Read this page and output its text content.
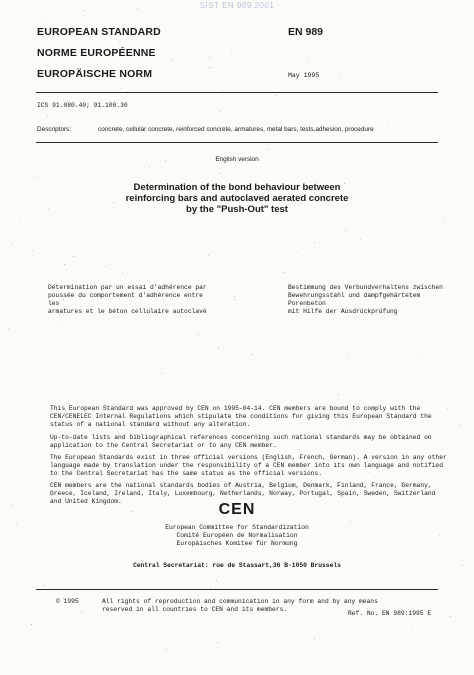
SIST EN 989:2001
EUROPEAN STANDARD
NORME EUROPÉENNE
EUROPÄISCHE NORM
EN 989
May 1995
ICS 91.080.40; 91.100.30
Descriptors:	concrete, cellular concrete, reinforced concrete, armatures, metal bars, tests,adhesion, procedure
English version
Determination of the bond behaviour between
reinforcing bars and autoclaved aerated concrete
by the "Push-Out" test
Détermination par un essai d'adhérence par
poussée du comportement d'adhérence entre les
armatures et le béton cellulaire autoclavé
Bestimmung des Verbundverhaltens zwischen
Bewehrungsstahl und dampfgehärtetem Porenbeton
mit Hilfe der Ausdrückprüfung
This European Standard was approved by CEN on 1995-04-14. CEN members are bound to comply with the CEN/CENELEC Internal Regulations which stipulate the conditions for giving this European Standard the status of a national standard without any alteration.
Up-to-date lists and bibliographical references concerning such national standards may be obtained on application to the Central Secretariat or to any CEN member.
The European Standards exist in three official versions (English, French, German). A version in any other language made by translation under the responsibility of a CEN member into its own language and notified to the Central Secretariat has the same status as the official versions.
CEN members are the national standards bodies of Austria, Belgium, Denmark, Finland, France, Germany, Greece, Iceland, Ireland, Italy, Luxembourg, Netherlands, Norway, Portugal, Spain, Sweden, Switzerland and United Kingdom.	CEN
European Committee for Standardization
Comité Européen de Normalisation
Europäisches Komitee für Normung
Central Secretariat: rue de Stassart,36 B-1050 Brussels
© 1995	All rights of reproduction and communication in any form and by any means reserved in all countries to CEN and its members.
Ref. No. EN 989:1995 E
